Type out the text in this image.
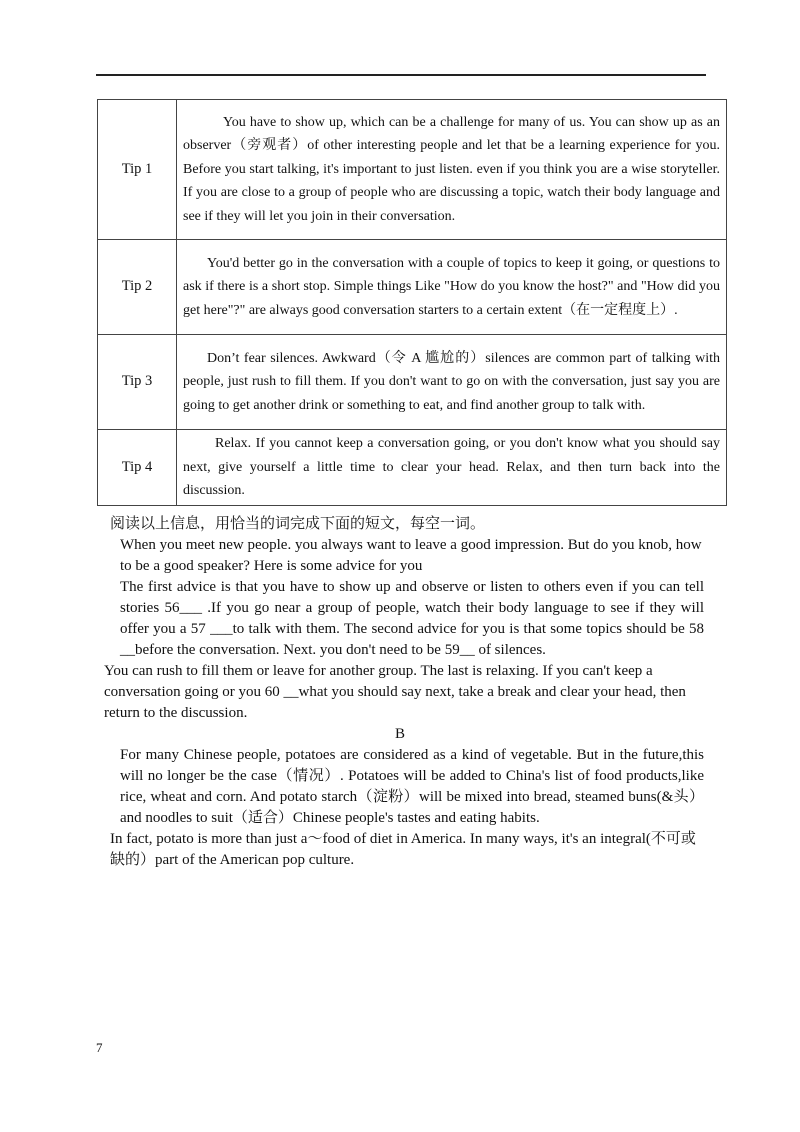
Tip 1	You have to show up, which can be a challenge for many of us. You can show up as an observer（旁观者）of other interesting people and let that be a learning experience for you. Before you start talking, it's important to just listen. even if you think you are a wise storyteller. If you are close to a group of people who are discussing a topic, watch their body language and see if they will let you join in their conversation.
Tip 2	You'd better go in the conversation with a couple of topics to keep it going, or questions to ask if there is a short stop. Simple things Like "How do you know the host?" and "How did you get here"?" are always good conversation starters to a certain extent（在一定程度上）.
Tip 3	Don’t fear silences. Awkward（令 A 尴尬的）silences are common part of talking with people, just rush to fill them. If you don't want to go on with the conversation, just say you are going to get another drink or something to eat, and find another group to talk with.
Tip 4	Relax. If you cannot keep a conversation going, or you don't know what you should say next, give yourself a little time to clear your head. Relax, and then turn back into the discussion.

阅读以上信息，用恰当的词完成下面的短文，每空一词。

When you meet new people. you always want to leave a good impression. But do you knob, how to be a good speaker? Here is some advice for you

The first advice is that you have to show up and observe or listen to others even if you can tell stories 56___ .If you go near a group of people, watch their body language to see if they will offer you a 57 ___to talk with them. The second advice for you is that some topics should be 58 __before the conversation. Next. you don't need to be 59__ of silences.

You can rush to fill them or leave for another group. The last is relaxing. If you can't keep a conversation going or you 60 __what you should say next, take a break and clear your head, then return to the discussion.

B

For many Chinese people, potatoes are considered as a kind of vegetable. But in the future,this will no longer be the case（情况）. Potatoes will be added to China's list of food products,like rice, wheat and corn. And potato starch（淀粉）will be mixed into bread, steamed buns(&头）and noodles to suit（适合）Chinese people's tastes and eating habits.

In fact, potato is more than just a～food of diet in America. In many ways, it's an integral(不可或缺的）part of the American pop culture.

7
